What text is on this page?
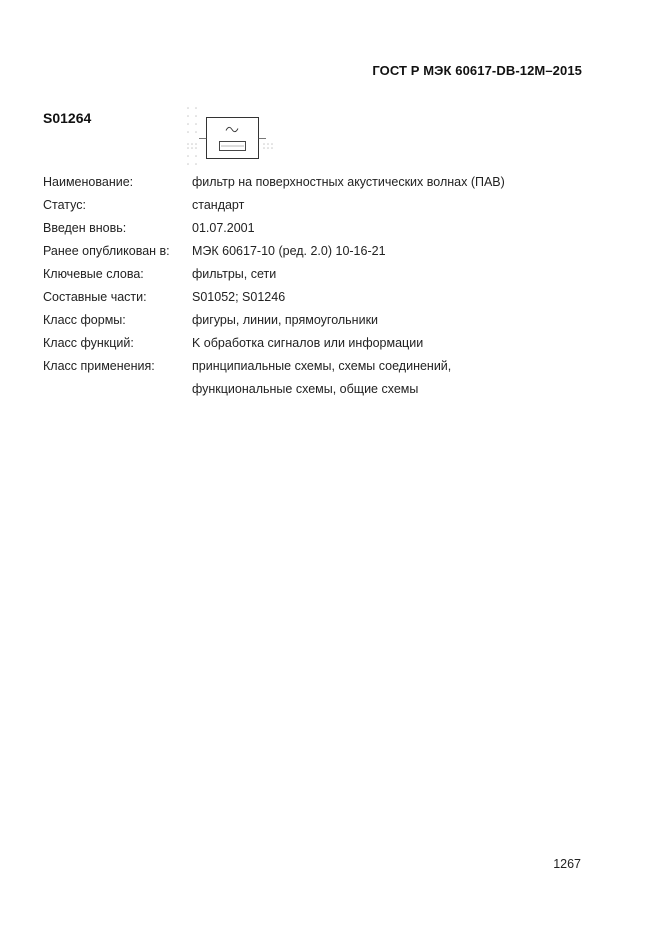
ГОСТ Р МЭК 60617-DB-12M–2015
S01264
Наименование:	фильтр на поверхностных акустических волнах (ПАВ)
Статус:	стандарт
Введен вновь:	01.07.2001
Ранее опубликован в:	МЭК 60617-10 (ред. 2.0) 10-16-21
Ключевые слова:	фильтры, сети
Составные части:	S01052; S01246
Класс формы:	фигуры, линии, прямоугольники
Класс функций:	K обработка сигналов или информации
Класс применения:	принципиальные схемы, схемы соединений,
функциональные схемы, общие схемы
1267
